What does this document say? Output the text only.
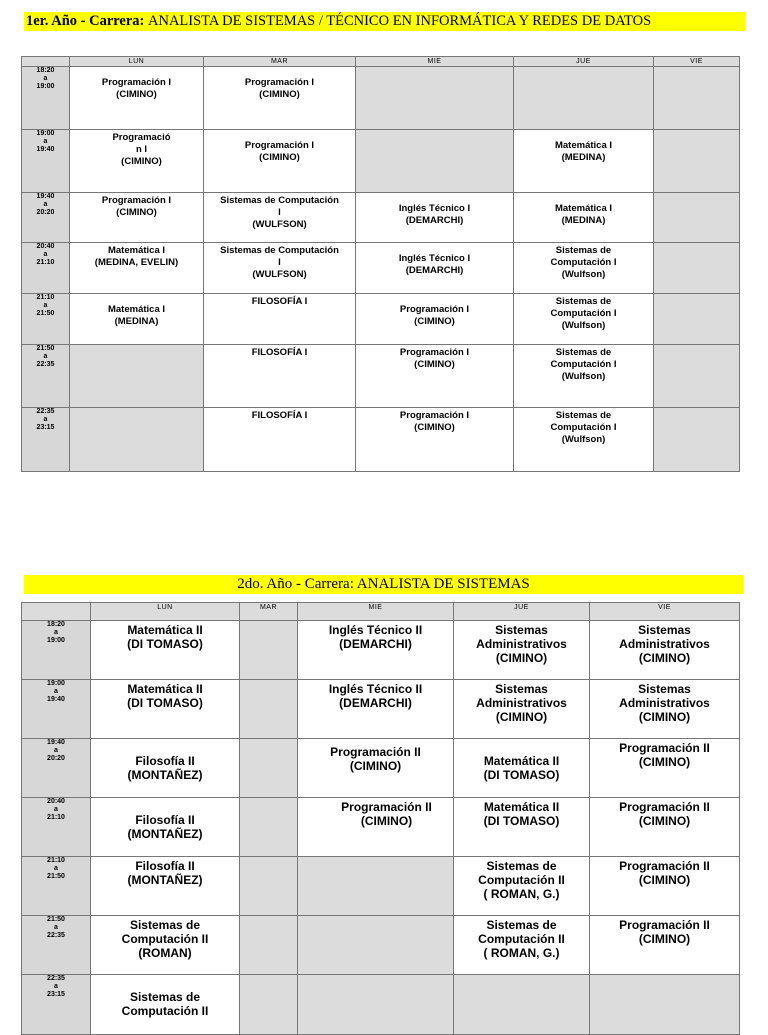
1er. Año - Carrera: ANALISTA DE SISTEMAS / TÉCNICO EN INFORMÁTICA Y REDES DE DATOS
	LUN	MAR	MIE	JUE	VIE
18:20
a
19:00	Programación I
(CIMINO)	Programación I
(CIMINO)			

19:00
a
19:40	Programació
n I
(CIMINO)	Programación I
(CIMINO)		Matemática I
(MEDINA)	

19:40
a
20:20	Programación I
(CIMINO)	Sistemas de Computación
I
(WULFSON)	Inglés Técnico I
(DEMARCHI)	Matemática I
(MEDINA)	

20:40
a
21:10	Matemática I
(MEDINA, EVELIN)	Sistemas de Computación
I
(WULFSON)	Inglés Técnico I
(DEMARCHI)	Sistemas de
Computación I
(Wulfson)	

21:10
a
21:50	Matemática I
(MEDINA)	FILOSOFÍA I	Programación I
(CIMINO)	Sistemas de
Computación I
(Wulfson)	

21:50
a
22:35		FILOSOFÍA I	Programación I
(CIMINO)	Sistemas de
Computación I
(Wulfson)	

22:35
a
23:15		FILOSOFÍA I	Programación I
(CIMINO)	Sistemas de
Computación I
(Wulfson)	

2do. Año - Carrera: ANALISTA DE SISTEMAS
	LUN	MAR	MIE	JUE	VIE
18:20
a
19:00	Matemática II
(DI TOMASO)		Inglés Técnico II
(DEMARCHI)	Sistemas
Administrativos
(CIMINO)	Sistemas
Administrativos
(CIMINO)

19:00
a
19:40	Matemática II
(DI TOMASO)		Inglés Técnico II
(DEMARCHI)	Sistemas
Administrativos
(CIMINO)	Sistemas
Administrativos
(CIMINO)

19:40
a
20:20	Filosofía II
(MONTAÑEZ)		Programación II
(CIMINO)	Matemática II
(DI TOMASO)	Programación II
(CIMINO)

20:40
a
21:10	Filosofía II
(MONTAÑEZ)		Programación II
(CIMINO)	Matemática II
(DI TOMASO)	Programación II
(CIMINO)

21:10
a
21:50	Filosofía II
(MONTAÑEZ)			Sistemas de
Computación II
( ROMAN, G.)	Programación II
(CIMINO)

21:50
a
22:35	Sistemas de
Computación II
(ROMAN)			Sistemas de
Computación II
( ROMAN, G.)	Programación II
(CIMINO)

22:35
a
23:15	Sistemas de
Computación II				
